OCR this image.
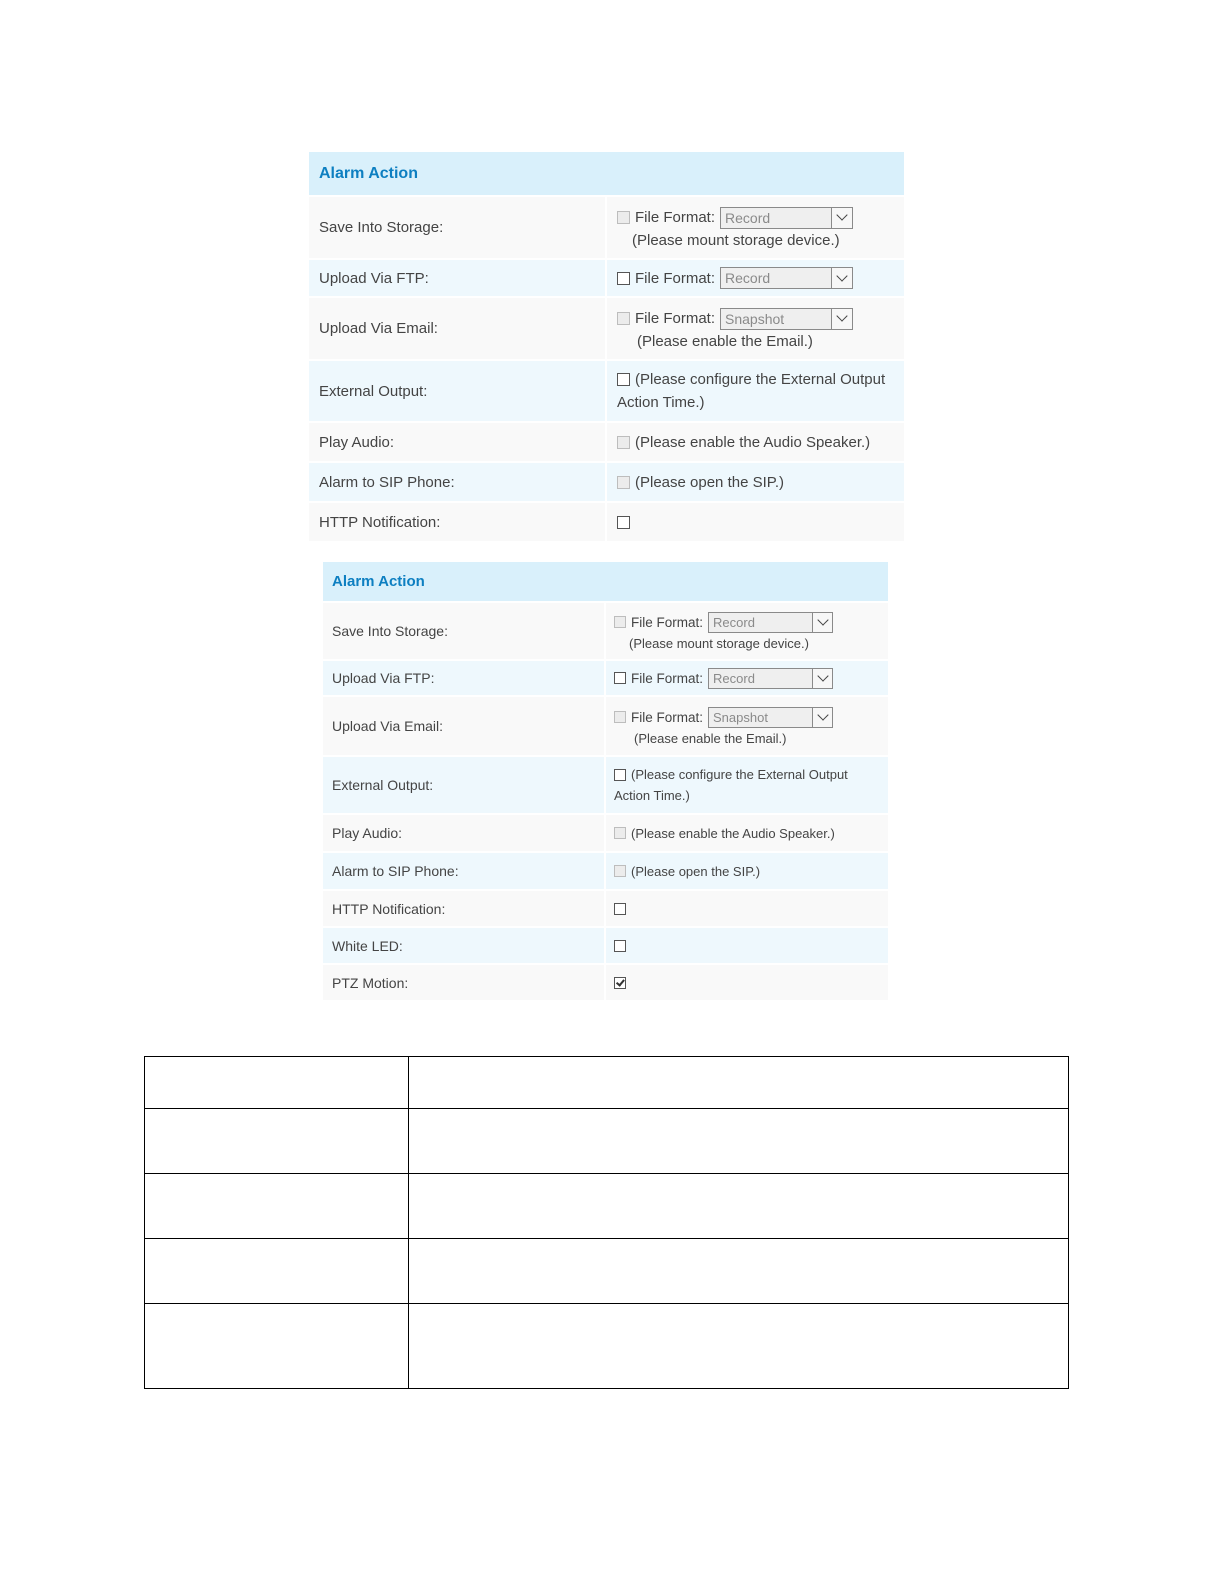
Alarm Action
Save Into Storage:
File Format: Record
(Please mount storage device.)
Upload Via FTP:	File Format: Record
Upload Via Email:
File Format: Snapshot
(Please enable the Email.)
External Output:
(Please configure the External Output
Action Time.)
Play Audio:	(Please enable the Audio Speaker.)
Alarm to SIP Phone:	(Please open the SIP.)
HTTP Notification:
Alarm Action
Save Into Storage:
File Format: Record
(Please mount storage device.)
Upload Via FTP:	File Format: Record
Upload Via Email:
File Format: Snapshot
(Please enable the Email.)
External Output:
(Please configure the External Output
Action Time.)
Play Audio:	(Please enable the Audio Speaker.)
Alarm to SIP Phone:	(Please open the SIP.)
HTTP Notification:
White LED:
PTZ Motion:
